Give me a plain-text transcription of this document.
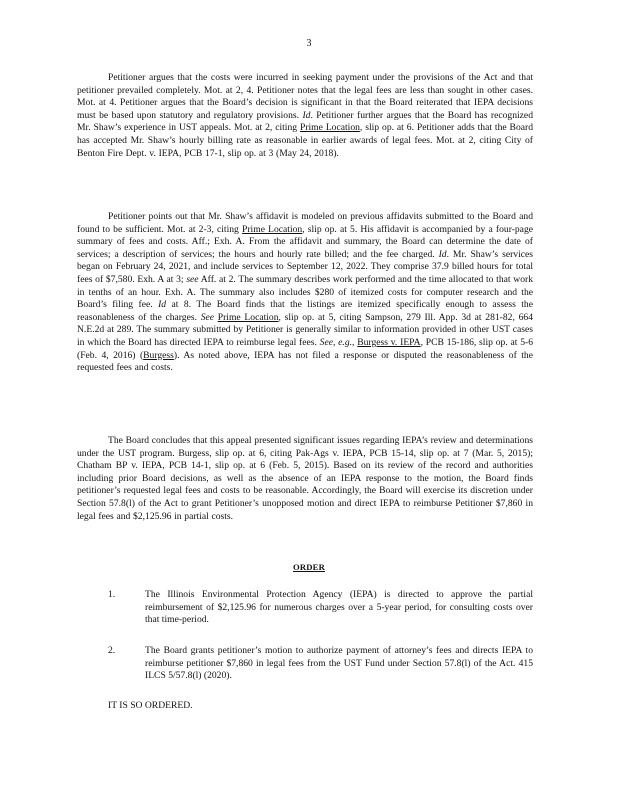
3

Petitioner argues that the costs were incurred in seeking payment under the provisions of the Act and that petitioner prevailed completely. Mot. at 2, 4. Petitioner notes that the legal fees are less than sought in other cases. Mot. at 4. Petitioner argues that the Board’s decision is significant in that the Board reiterated that IEPA decisions must be based upon statutory and regulatory provisions. Id. Petitioner further argues that the Board has recognized Mr. Shaw’s experience in UST appeals. Mot. at 2, citing Prime Location, slip op. at 6. Petitioner adds that the Board has accepted Mr. Shaw’s hourly billing rate as reasonable in earlier awards of legal fees. Mot. at 2, citing City of Benton Fire Dept. v. IEPA, PCB 17-1, slip op. at 3 (May 24, 2018).

Petitioner points out that Mr. Shaw’s affidavit is modeled on previous affidavits submitted to the Board and found to be sufficient. Mot. at 2-3, citing Prime Location, slip op. at 5. His affidavit is accompanied by a four-page summary of fees and costs. Aff.; Exh. A. From the affidavit and summary, the Board can determine the date of services; a description of services; the hours and hourly rate billed; and the fee charged. Id. Mr. Shaw’s services began on February 24, 2021, and include services to September 12, 2022. They comprise 37.9 billed hours for total fees of $7,580. Exh. A at 3; see Aff. at 2. The summary describes work performed and the time allocated to that work in tenths of an hour. Exh. A. The summary also includes $280 of itemized costs for computer research and the Board’s filing fee. Id at 8. The Board finds that the listings are itemized specifically enough to assess the reasonableness of the charges. See Prime Location, slip op. at 5, citing Sampson, 279 Ill. App. 3d at 281-82, 664 N.E.2d at 289. The summary submitted by Petitioner is generally similar to information provided in other UST cases in which the Board has directed IEPA to reimburse legal fees. See, e.g., Burgess v. IEPA, PCB 15-186, slip op. at 5-6 (Feb. 4, 2016) (Burgess). As noted above, IEPA has not filed a response or disputed the reasonableness of the requested fees and costs.

The Board concludes that this appeal presented significant issues regarding IEPA’s review and determinations under the UST program. Burgess, slip op. at 6, citing Pak-Ags v. IEPA, PCB 15-14, slip op. at 7 (Mar. 5, 2015); Chatham BP v. IEPA, PCB 14-1, slip op. at 6 (Feb. 5, 2015). Based on its review of the record and authorities including prior Board decisions, as well as the absence of an IEPA response to the motion, the Board finds petitioner’s requested legal fees and costs to be reasonable. Accordingly, the Board will exercise its discretion under Section 57.8(l) of the Act to grant Petitioner’s unopposed motion and direct IEPA to reimburse Petitioner $7,860 in legal fees and $2,125.96 in partial costs.

ORDER
1.	The Illinois Environmental Protection Agency (IEPA) is directed to approve the partial reimbursement of $2,125.96 for numerous charges over a 5-year period, for consulting costs over that time-period.

2.	The Board grants petitioner’s motion to authorize payment of attorney’s fees and directs IEPA to reimburse petitioner $7,860 in legal fees from the UST Fund under Section 57.8(l) of the Act. 415 ILCS 5/57.8(l) (2020).

IT IS SO ORDERED.
